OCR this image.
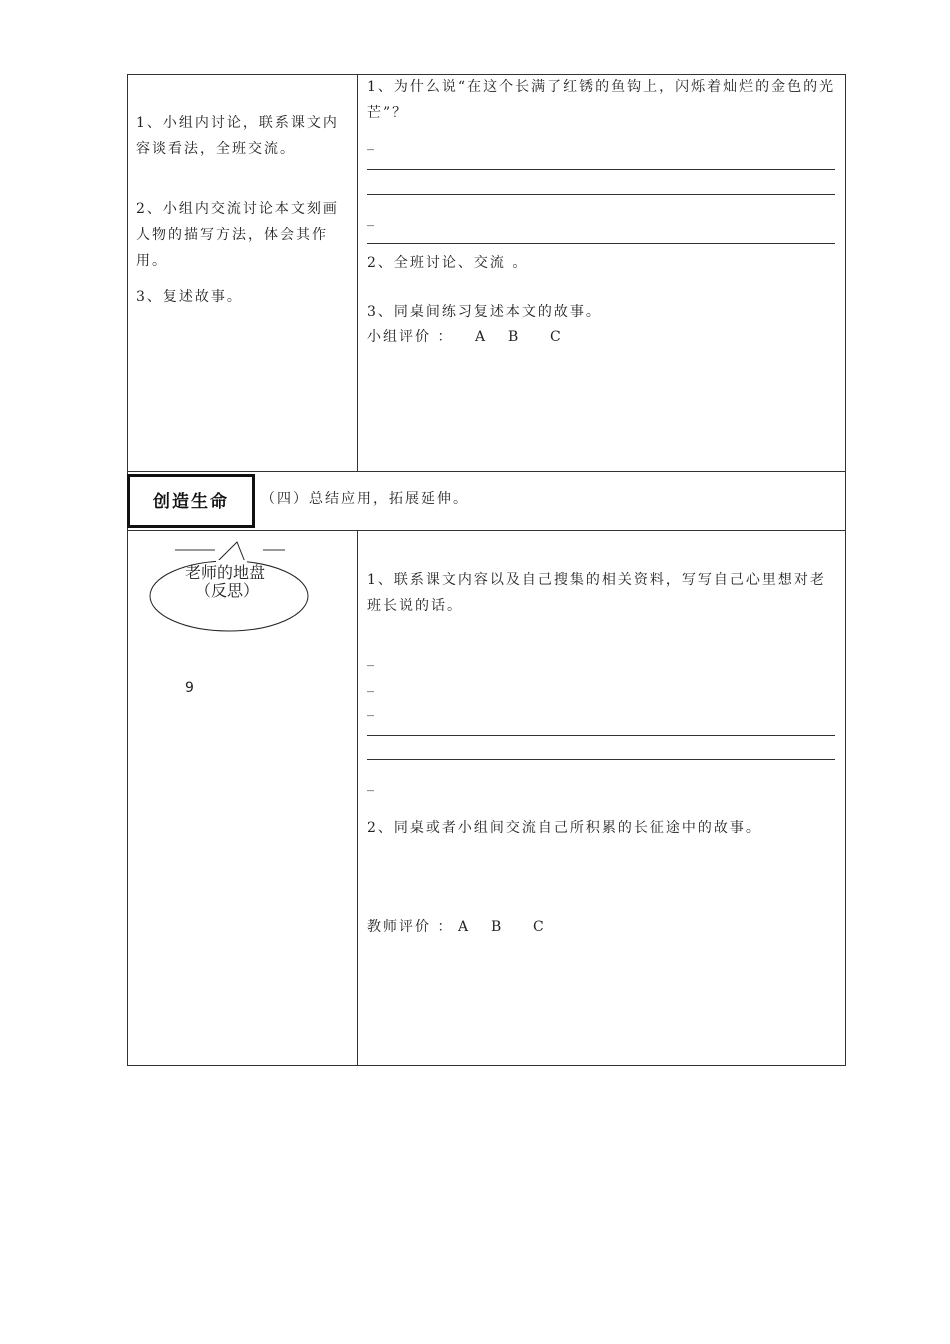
1、小组内讨论，联系课文内容谈看法，全班交流。
2、小组内交流讨论本文刻画人物的描写方法，体会其作用。
3、复述故事。
1、为什么说“在这个长满了红锈的鱼钩上，闪烁着灿烂的金色的光芒”？
_
_
2、全班讨论、交流 。
3、同桌间练习复述本文的故事。
小组评价 ： A B C
创造生命	（四）总结应用，拓展延伸。
老师的地盘
（反思）
9
1、联系课文内容以及自己搜集的相关资料，写写自己心里想对老班长说的话。
_
_
_
_
2、同桌或者小组间交流自己所积累的长征途中的故事。
教师评价 ： A B C
